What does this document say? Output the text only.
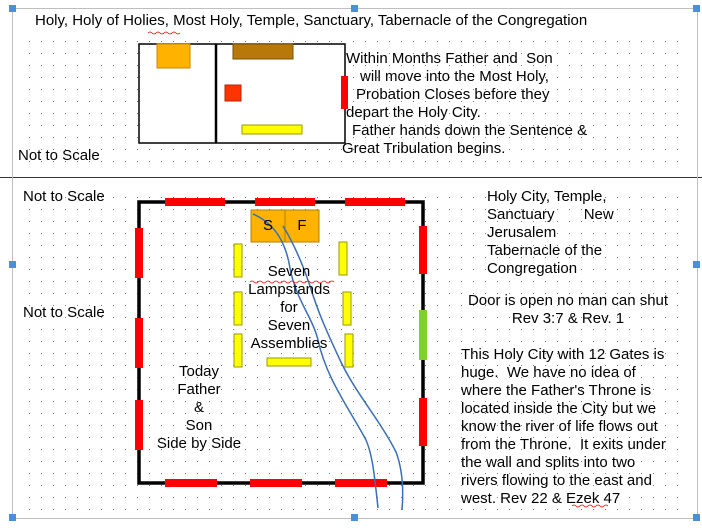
Holy, Holy of Holies, Most Holy, Temple, Sanctuary, Tabernacle of the Congregation
Within Months Father and  Son
will move into the Most Holy,
Probation Closes before they
depart the Holy City.
Father hands down the Sentence &
Great Tribulation begins.
Not to Scale
Not to Scale
Not to Scale
S	F
Seven
Lampstands
for
Seven
Assemblies
Today
Father
&
Son
Side by Side
Holy City, Temple,
Sanctuary       New
Jerusalem
Tabernacle of the
Congregation
Door is open no man can shut
Rev 3:7 & Rev. 1
This Holy City with 12 Gates is
huge.  We have no idea of
where the Father's Throne is
located inside the City but we
know the river of life flows out
from the Throne.  It exits under
the wall and splits into two
rivers flowing to the east and
west. Rev 22 & Ezek 47
